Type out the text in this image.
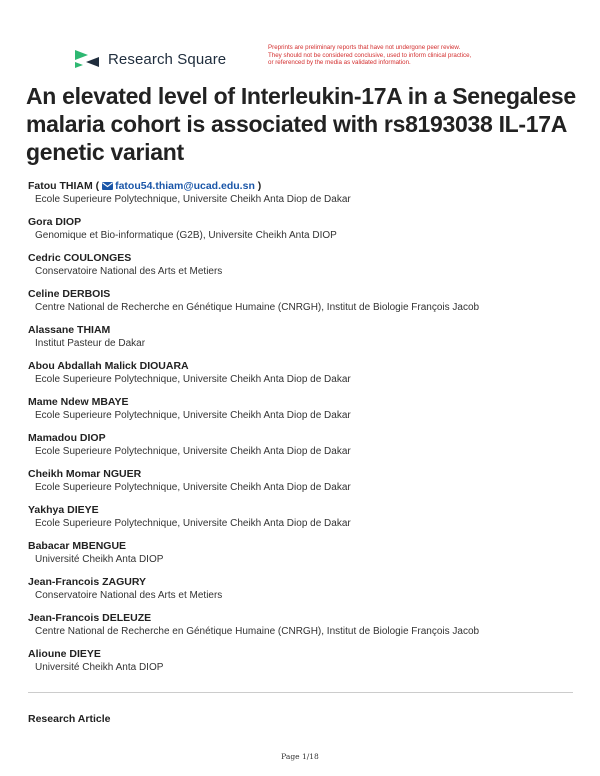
Research Square
Preprints are preliminary reports that have not undergone peer review.
They should not be considered conclusive, used to inform clinical practice,
or referenced by the media as validated information.
An elevated level of Interleukin-17A in a Senegalese malaria cohort is associated with rs8193038 IL-17A genetic variant
Fatou THIAM ( fatou54.thiam@ucad.edu.sn )
Ecole Superieure Polytechnique, Universite Cheikh Anta Diop de Dakar
Gora DIOP
Genomique et Bio-informatique (G2B), Universite Cheikh Anta DIOP
Cedric COULONGES
Conservatoire National des Arts et Metiers
Celine DERBOIS
Centre National de Recherche en Génétique Humaine (CNRGH), Institut de Biologie François Jacob
Alassane THIAM
Institut Pasteur de Dakar
Abou Abdallah Malick DIOUARA
Ecole Superieure Polytechnique, Universite Cheikh Anta Diop de Dakar
Mame Ndew MBAYE
Ecole Superieure Polytechnique, Universite Cheikh Anta Diop de Dakar
Mamadou DIOP
Ecole Superieure Polytechnique, Universite Cheikh Anta Diop de Dakar
Cheikh Momar NGUER
Ecole Superieure Polytechnique, Universite Cheikh Anta Diop de Dakar
Yakhya DIEYE
Ecole Superieure Polytechnique, Universite Cheikh Anta Diop de Dakar
Babacar MBENGUE
Université Cheikh Anta DIOP
Jean-Francois ZAGURY
Conservatoire National des Arts et Metiers
Jean-Francois DELEUZE
Centre National de Recherche en Génétique Humaine (CNRGH), Institut de Biologie François Jacob
Alioune DIEYE
Université Cheikh Anta DIOP
Research Article
Page 1/18
